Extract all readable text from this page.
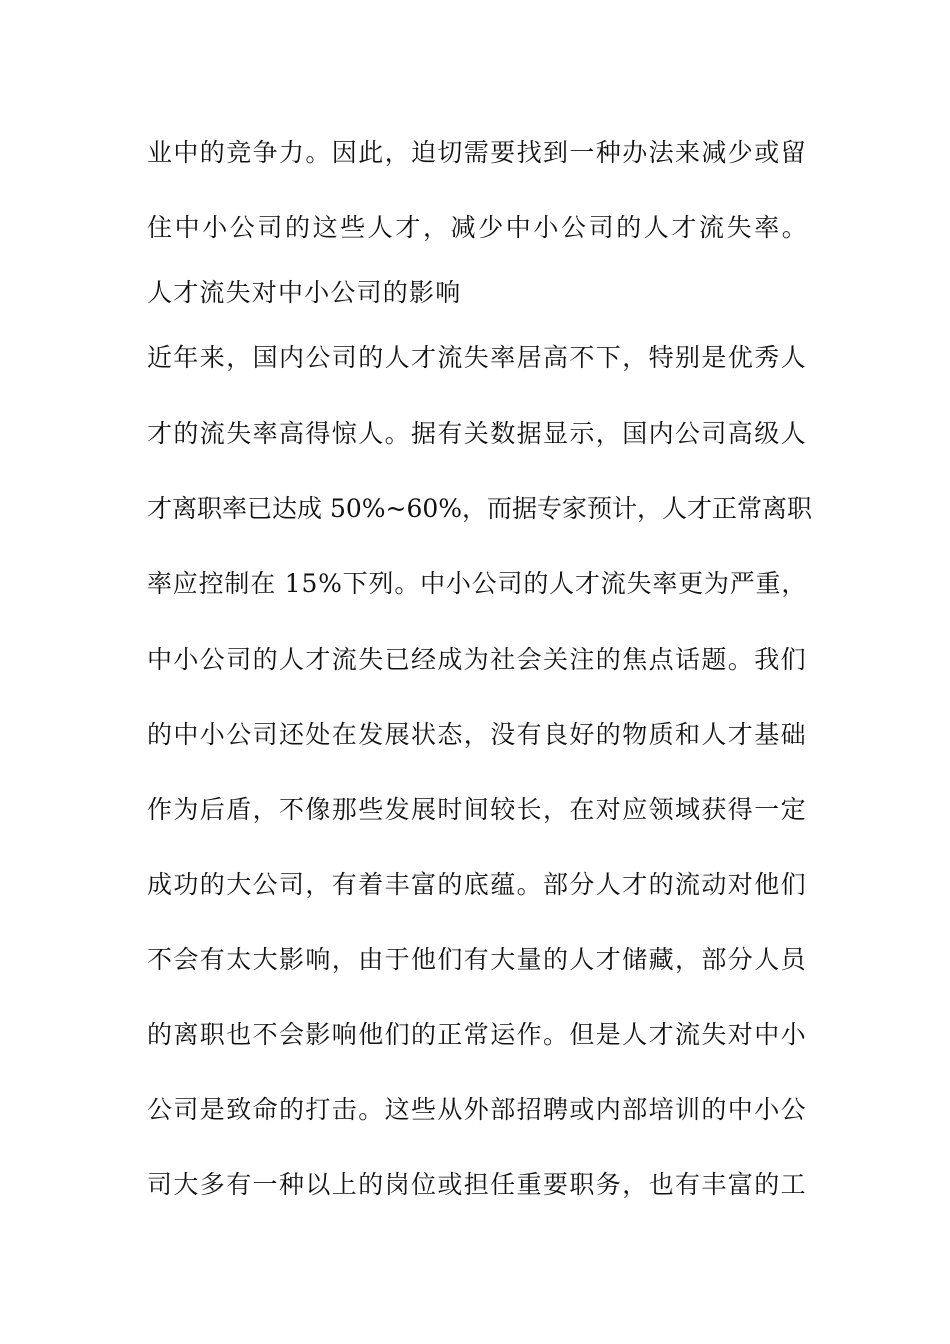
业中的竞争力。因此，迫切需要找到一种办法来减少或留

住中小公司的这些人才，减少中小公司的人才流失率。

人才流失对中小公司的影响

近年来，国内公司的人才流失率居高不下，特别是优秀人

才的流失率高得惊人。据有关数据显示，国内公司高级人

才离职率已达成 50%~60%，而据专家预计，人才正常离职

率应控制在 15%下列。中小公司的人才流失率更为严重，

中小公司的人才流失已经成为社会关注的焦点话题。我们

的中小公司还处在发展状态，没有良好的物质和人才基础

作为后盾，不像那些发展时间较长，在对应领域获得一定

成功的大公司，有着丰富的底蕴。部分人才的流动对他们

不会有太大影响，由于他们有大量的人才储藏，部分人员

的离职也不会影响他们的正常运作。但是人才流失对中小

公司是致命的打击。这些从外部招聘或内部培训的中小公

司大多有一种以上的岗位或担任重要职务，也有丰富的工
